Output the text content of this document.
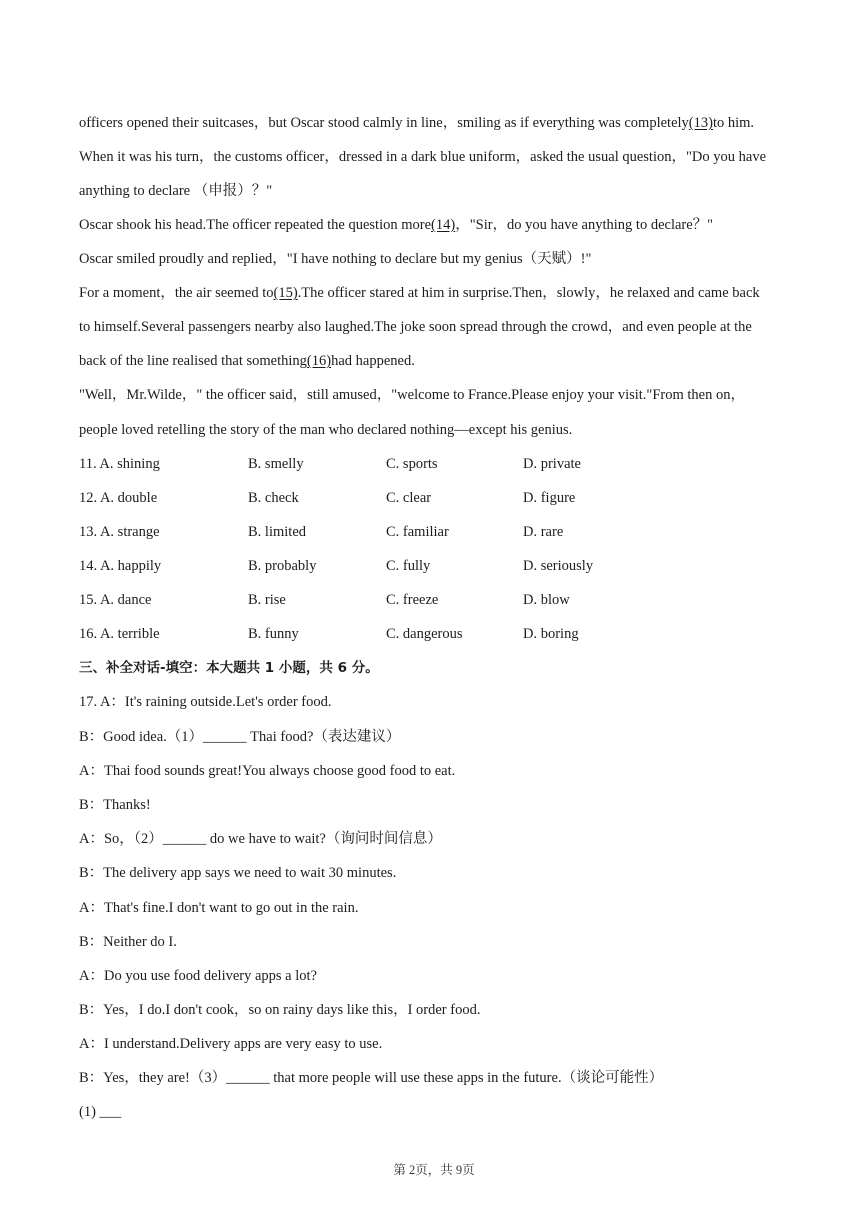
officers opened their suitcases，but Oscar stood calmly in line，smiling as if everything was completely(13)to him.
When it was his turn，the customs officer，dressed in a dark blue uniform，asked the usual question，"Do you have
anything to declare （申报）？"
Oscar shook his head.The officer repeated the question more(14)，"Sir，do you have anything to declare？"
Oscar smiled proudly and replied，"I have nothing to declare but my genius（天赋）!"
For a moment，the air seemed to(15).The officer stared at him in surprise.Then，slowly，he relaxed and came back
to himself.Several passengers nearby also laughed.The joke soon spread through the crowd，and even people at the
back of the line realised that something(16)had happened.
"Well，Mr.Wilde，" the officer said，still amused，"welcome to France.Please enjoy your visit."From then on，
people loved retelling the story of the man who declared nothing—except his genius.
11. A. shining	B. smelly	C. sports	D. private
12. A. double	B. check	C. clear	D. figure
13. A. strange	B. limited	C. familiar	D. rare
14. A. happily	B. probably	C. fully	D. seriously
15. A. dance	B. rise	C. freeze	D. blow
16. A. terrible	B. funny	C. dangerous	D. boring
三、补全对话-填空：本大题共 1 小题，共 6 分。
17. A：It's raining outside.Let's order food.
B：Good idea.（1）______ Thai food?（表达建议）
A：Thai food sounds great!You always choose good food to eat.
B：Thanks!
A：So，（2）______ do we have to wait?（询问时间信息）
B：The delivery app says we need to wait 30 minutes.
A：That's fine.I don't want to go out in the rain.
B：Neither do I.
A：Do you use food delivery apps a lot?
B：Yes，I do.I don't cook，so on rainy days like this，I order food.
A：I understand.Delivery apps are very easy to use.
B：Yes，they are!（3）______ that more people will use these apps in the future.（谈论可能性）
(1) ___
第 2页，共 9页
